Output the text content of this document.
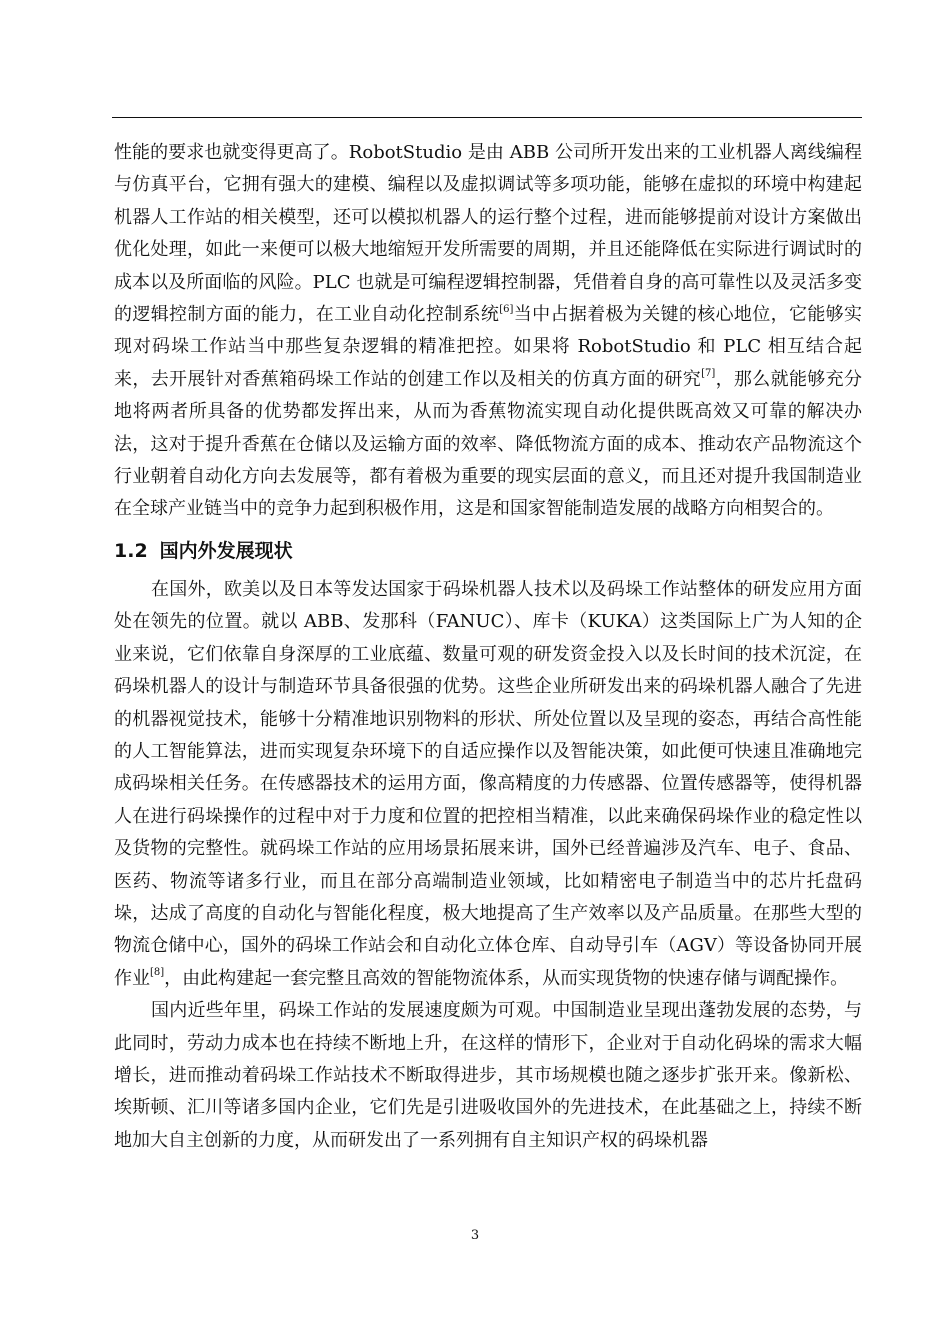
性能的要求也就变得更高了。RobotStudio 是由 ABB 公司所开发出来的工业机器人离线编程与仿真平台，它拥有强大的建模、编程以及虚拟调试等多项功能，能够在虚拟的环境中构建起机器人工作站的相关模型，还可以模拟机器人的运行整个过程，进而能够提前对设计方案做出优化处理，如此一来便可以极大地缩短开发所需要的周期，并且还能降低在实际进行调试时的成本以及所面临的风险。PLC 也就是可编程逻辑控制器，凭借着自身的高可靠性以及灵活多变的逻辑控制方面的能力，在工业自动化控制系统[6]当中占据着极为关键的核心地位，它能够实现对码垛工作站当中那些复杂逻辑的精准把控。如果将 RobotStudio 和 PLC 相互结合起来，去开展针对香蕉箱码垛工作站的创建工作以及相关的仿真方面的研究[7]，那么就能够充分地将两者所具备的优势都发挥出来，从而为香蕉物流实现自动化提供既高效又可靠的解决办法，这对于提升香蕉在仓储以及运输方面的效率、降低物流方面的成本、推动农产品物流这个行业朝着自动化方向去发展等，都有着极为重要的现实层面的意义，而且还对提升我国制造业在全球产业链当中的竞争力起到积极作用，这是和国家智能制造发展的战略方向相契合的。

1.2 国内外发展现状

在国外，欧美以及日本等发达国家于码垛机器人技术以及码垛工作站整体的研发应用方面处在领先的位置。就以 ABB、发那科（FANUC）、库卡（KUKA）这类国际上广为人知的企业来说，它们依靠自身深厚的工业底蕴、数量可观的研发资金投入以及长时间的技术沉淀，在码垛机器人的设计与制造环节具备很强的优势。这些企业所研发出来的码垛机器人融合了先进的机器视觉技术，能够十分精准地识别物料的形状、所处位置以及呈现的姿态，再结合高性能的人工智能算法，进而实现复杂环境下的自适应操作以及智能决策，如此便可快速且准确地完成码垛相关任务。在传感器技术的运用方面，像高精度的力传感器、位置传感器等，使得机器人在进行码垛操作的过程中对于力度和位置的把控相当精准，以此来确保码垛作业的稳定性以及货物的完整性。就码垛工作站的应用场景拓展来讲，国外已经普遍涉及汽车、电子、食品、医药、物流等诸多行业，而且在部分高端制造业领域，比如精密电子制造当中的芯片托盘码垛，达成了高度的自动化与智能化程度，极大地提高了生产效率以及产品质量。在那些大型的物流仓储中心，国外的码垛工作站会和自动化立体仓库、自动导引车（AGV）等设备协同开展作业[8]，由此构建起一套完整且高效的智能物流体系，从而实现货物的快速存储与调配操作。

国内近些年里，码垛工作站的发展速度颇为可观。中国制造业呈现出蓬勃发展的态势，与此同时，劳动力成本也在持续不断地上升，在这样的情形下，企业对于自动化码垛的需求大幅增长，进而推动着码垛工作站技术不断取得进步，其市场规模也随之逐步扩张开来。像新松、埃斯顿、汇川等诸多国内企业，它们先是引进吸收国外的先进技术，在此基础之上，持续不断地加大自主创新的力度，从而研发出了一系列拥有自主知识产权的码垛机器

3
